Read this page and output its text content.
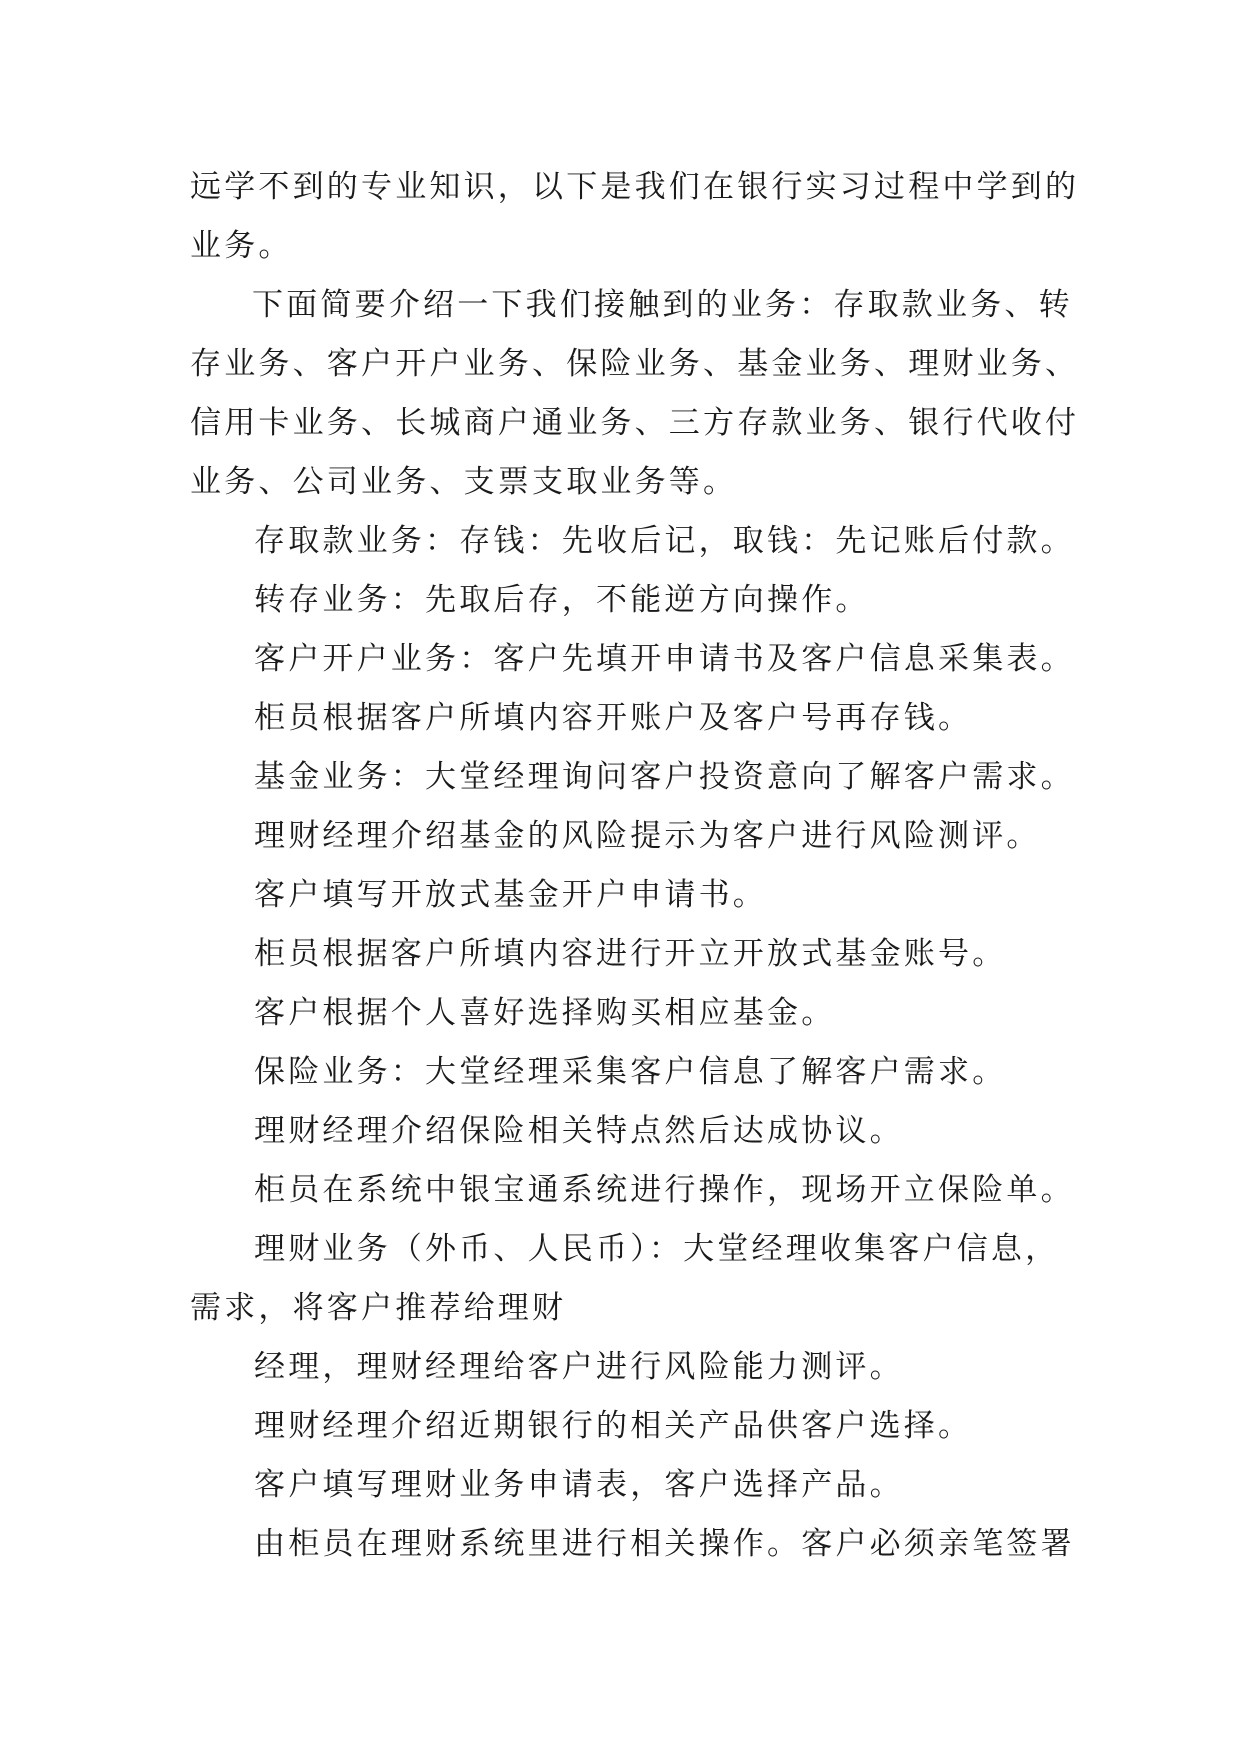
远学不到的专业知识，以下是我们在银行实习过程中学到的
业务。
下面简要介绍一下我们接触到的业务：存取款业务、转
存业务、客户开户业务、保险业务、基金业务、理财业务、
信用卡业务、长城商户通业务、三方存款业务、银行代收付
业务、公司业务、支票支取业务等。
存取款业务：存钱：先收后记，取钱：先记账后付款。
转存业务：先取后存，不能逆方向操作。
客户开户业务：客户先填开申请书及客户信息采集表。
柜员根据客户所填内容开账户及客户号再存钱。
基金业务：大堂经理询问客户投资意向了解客户需求。
理财经理介绍基金的风险提示为客户进行风险测评。
客户填写开放式基金开户申请书。
柜员根据客户所填内容进行开立开放式基金账号。
客户根据个人喜好选择购买相应基金。
保险业务：大堂经理采集客户信息了解客户需求。
理财经理介绍保险相关特点然后达成协议。
柜员在系统中银宝通系统进行操作，现场开立保险单。
理财业务（外币、人民币）：大堂经理收集客户信息，
需求，将客户推荐给理财
经理，理财经理给客户进行风险能力测评。
理财经理介绍近期银行的相关产品供客户选择。
客户填写理财业务申请表，客户选择产品。
由柜员在理财系统里进行相关操作。客户必须亲笔签署
